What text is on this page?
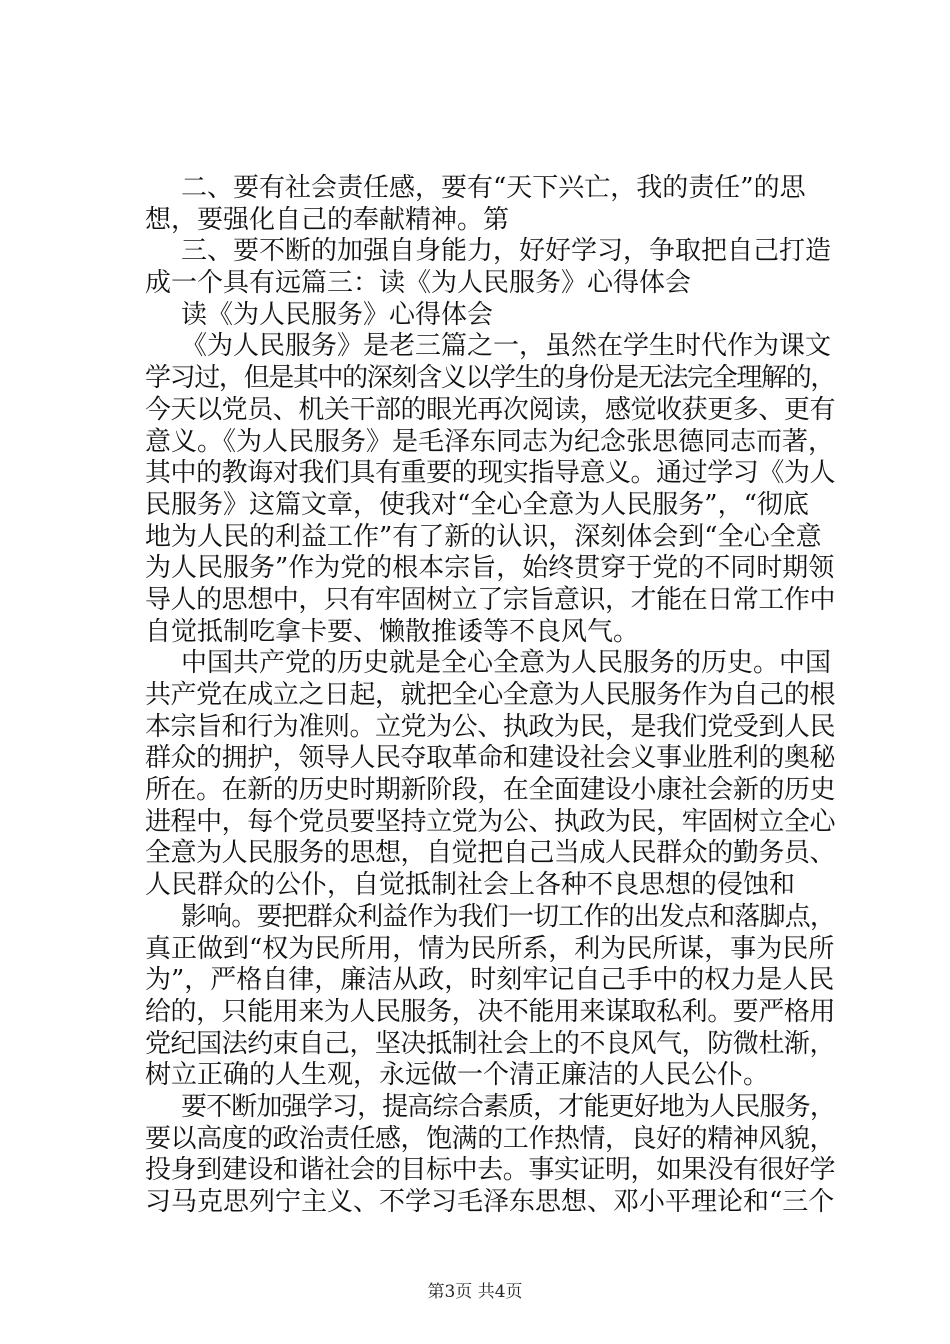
二、要有社会责任感，要有“天下兴亡，我的责任”的思
想，要强化自己的奉献精神。第
三、要不断的加强自身能力，好好学习，争取把自己打造
成一个具有远篇三：读《为人民服务》心得体会
读《为人民服务》心得体会
《为人民服务》是老三篇之一，虽然在学生时代作为课文
学习过，但是其中的深刻含义以学生的身份是无法完全理解的，
今天以党员、机关干部的眼光再次阅读，感觉收获更多、更有
意义。《为人民服务》是毛泽东同志为纪念张思德同志而著，
其中的教诲对我们具有重要的现实指导意义。通过学习《为人
民服务》这篇文章，使我对“全心全意为人民服务”，“彻底
地为人民的利益工作”有了新的认识，深刻体会到“全心全意
为人民服务”作为党的根本宗旨，始终贯穿于党的不同时期领
导人的思想中，只有牢固树立了宗旨意识，才能在日常工作中
自觉抵制吃拿卡要、懒散推诿等不良风气。
中国共产党的历史就是全心全意为人民服务的历史。中国
共产党在成立之日起，就把全心全意为人民服务作为自己的根
本宗旨和行为准则。立党为公、执政为民，是我们党受到人民
群众的拥护，领导人民夺取革命和建设社会义事业胜利的奥秘
所在。在新的历史时期新阶段，在全面建设小康社会新的历史
进程中，每个党员要坚持立党为公、执政为民，牢固树立全心
全意为人民服务的思想，自觉把自己当成人民群众的勤务员、
人民群众的公仆，自觉抵制社会上各种不良思想的侵蚀和
影响。要把群众利益作为我们一切工作的出发点和落脚点，
真正做到“权为民所用，情为民所系，利为民所谋，事为民所
为”，严格自律，廉洁从政，时刻牢记自己手中的权力是人民
给的，只能用来为人民服务，决不能用来谋取私利。要严格用
党纪国法约束自己，坚决抵制社会上的不良风气，防微杜渐，
树立正确的人生观，永远做一个清正廉洁的人民公仆。
要不断加强学习，提高综合素质，才能更好地为人民服务，
要以高度的政治责任感，饱满的工作热情，良好的精神风貌，
投身到建设和谐社会的目标中去。事实证明，如果没有很好学
习马克思列宁主义、不学习毛泽东思想、邓小平理论和“三个
第3页 共4页
